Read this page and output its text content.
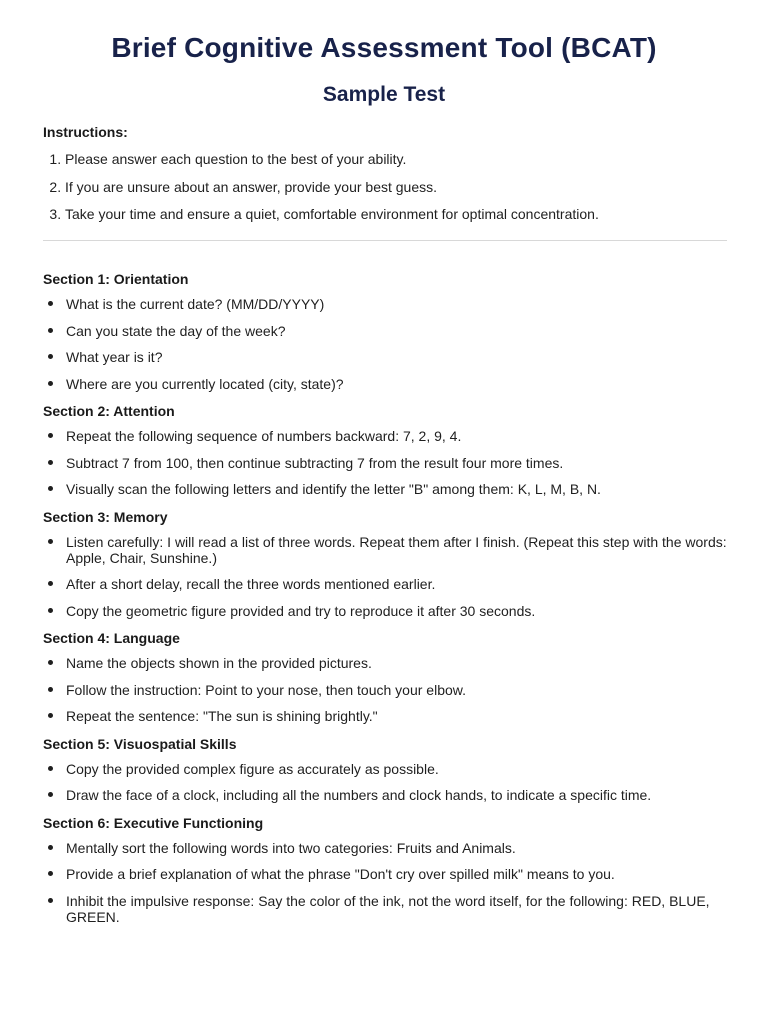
Brief Cognitive Assessment Tool (BCAT)
Sample Test

Instructions:

1. Please answer each question to the best of your ability.
2. If you are unsure about an answer, provide your best guess.
3. Take your time and ensure a quiet, comfortable environment for optimal concentration.

Section 1: Orientation

What is the current date? (MM/DD/YYYY)
Can you state the day of the week?
What year is it?
Where are you currently located (city, state)?

Section 2: Attention

Repeat the following sequence of numbers backward: 7, 2, 9, 4.
Subtract 7 from 100, then continue subtracting 7 from the result four more times.
Visually scan the following letters and identify the letter "B" among them: K, L, M, B, N.

Section 3: Memory

Listen carefully: I will read a list of three words. Repeat them after I finish. (Repeat this step with the words: Apple, Chair, Sunshine.)
After a short delay, recall the three words mentioned earlier.
Copy the geometric figure provided and try to reproduce it after 30 seconds.

Section 4: Language

Name the objects shown in the provided pictures.
Follow the instruction: Point to your nose, then touch your elbow.
Repeat the sentence: "The sun is shining brightly."

Section 5: Visuospatial Skills

Copy the provided complex figure as accurately as possible.
Draw the face of a clock, including all the numbers and clock hands, to indicate a specific time.

Section 6: Executive Functioning

Mentally sort the following words into two categories: Fruits and Animals.
Provide a brief explanation of what the phrase "Don't cry over spilled milk" means to you.
Inhibit the impulsive response: Say the color of the ink, not the word itself, for the following: RED, BLUE, GREEN.
